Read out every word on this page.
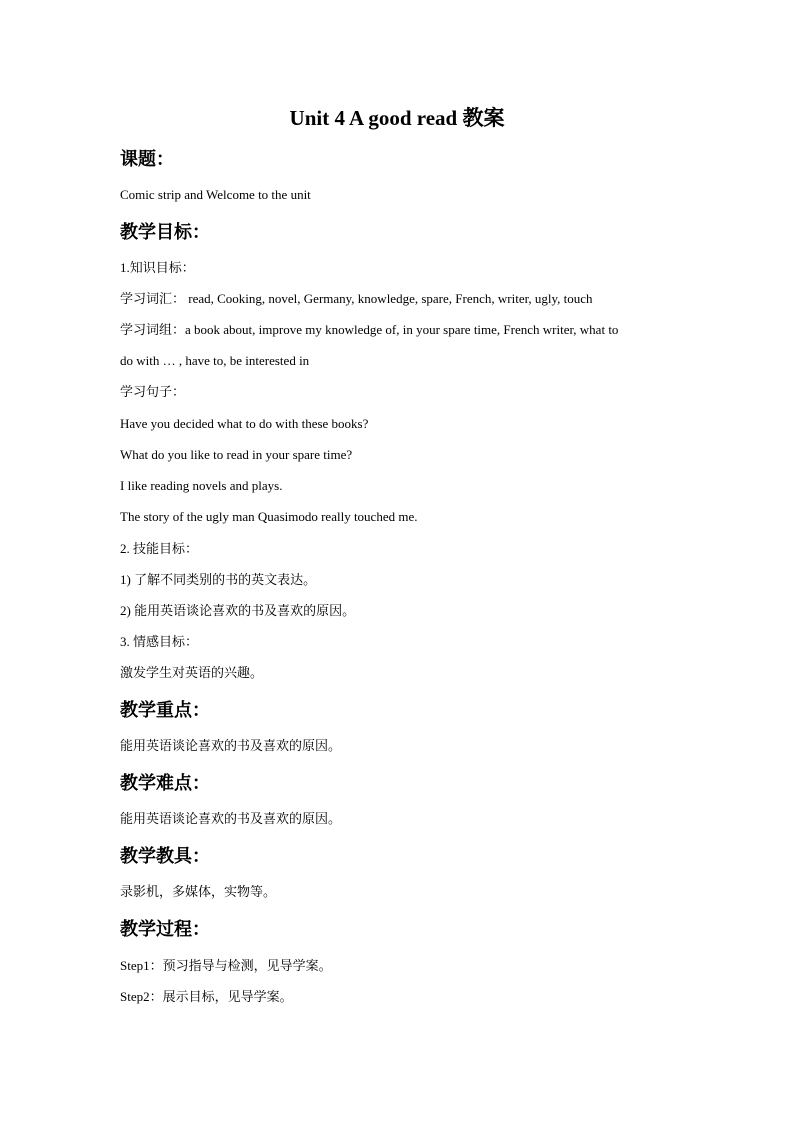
Unit 4 A good read 教案
课题：
Comic strip and Welcome to the unit
教学目标：
1.知识目标：
学习词汇： read, Cooking, novel, Germany, knowledge, spare, French, writer, ugly, touch
学习词组：a book about, improve my knowledge of, in your spare time, French writer, what to
do with … , have to, be interested in
学习句子：
Have you decided what to do with these books?
What do you like to read in your spare time?
I like reading novels and plays.
The story of the ugly man Quasimodo really touched me.
2. 技能目标：
1) 了解不同类别的书的英文表达。
2) 能用英语谈论喜欢的书及喜欢的原因。
3. 情感目标：
激发学生对英语的兴趣。
教学重点：
能用英语谈论喜欢的书及喜欢的原因。
教学难点：
能用英语谈论喜欢的书及喜欢的原因。
教学教具：
录影机，多媒体，实物等。
教学过程：
Step1：预习指导与检测，见导学案。
Step2：展示目标，见导学案。
